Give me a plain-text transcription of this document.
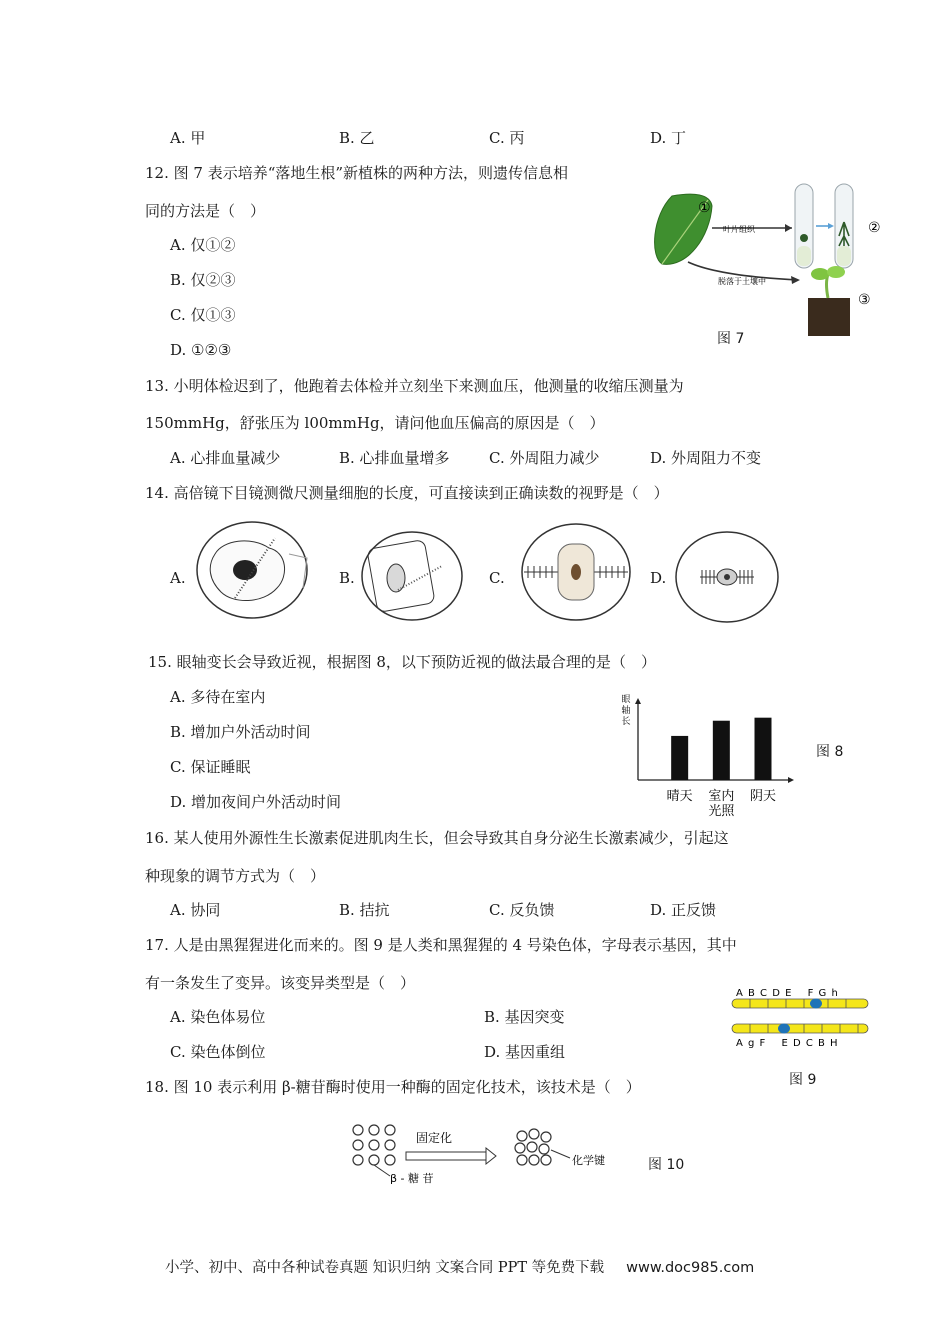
A. 甲	B. 乙	C. 丙	D. 丁
12. 图 7 表示培养“落地生根”新植株的两种方法，则遗传信息相
同的方法是（　）
A. 仅①②
B. 仅②③
C. 仅①③
D. ①②③
①
②
③
叶片组织
脱落于土壤中
图 7
13. 小明体检迟到了，他跑着去体检并立刻坐下来测血压，他测量的收缩压测量为
150mmHg，舒张压为 l00mmHg，请问他血压偏高的原因是（　）
A. 心排血量减少	B. 心排血量增多	C. 外周阻力减少	D. 外周阻力不变
14. 高倍镜下目镜测微尺测量细胞的长度，可直接读到正确读数的视野是（　）
A.	B.	C.	D.
15. 眼轴变长会导致近视，根据图 8，以下预防近视的做法最合理的是（　）
A. 多待在室内
B. 增加户外活动时间
C. 保证睡眠
D. 增加夜间户外活动时间
眼
轴
长
晴天 室内
光照
阴天
图 8
16. 某人使用外源性生长激素促进肌肉生长，但会导致其自身分泌生长激素减少，引起这
种现象的调节方式为（　）
A. 协同	B. 拮抗	C. 反负馈	D. 正反馈
17. 人是由黑猩猩进化而来的。图 9 是人类和黑猩猩的 4 号染色体，字母表示基因，其中
有一条发生了变异。该变异类型是（　）
A. 染色体易位	B. 基因突变
C. 染色体倒位	D. 基因重组
A B C D E　 F G h
A g F　 E D C B H
图 9
18. 图 10 表示利用 β-糖苷酶时使用一种酶的固定化技术，该技术是（　）
β - 糖 苷
固定化
化学键	图 10
小学、初中、高中各种试卷真题 知识归纳 文案合同 PPT 等免费下载 www.doc985.com
